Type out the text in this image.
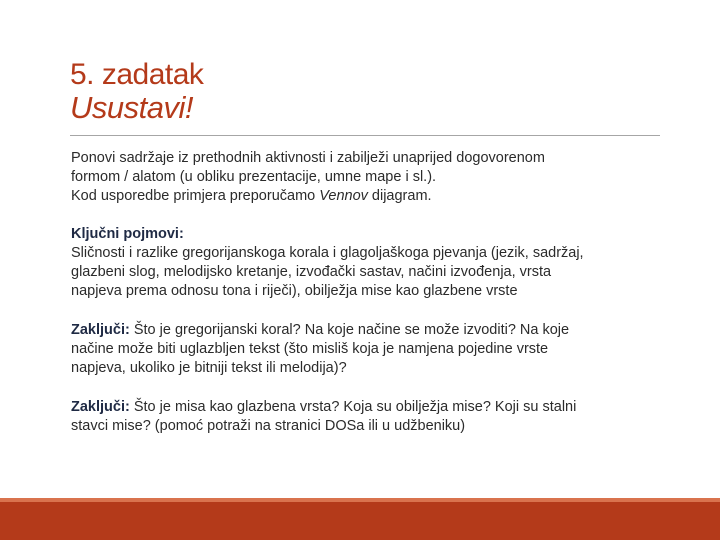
5. zadatak
Usustavi!
Ponovi sadržaje iz prethodnih aktivnosti i zabilježi unaprijed dogovorenom
formom / alatom (u obliku prezentacije, umne mape i sl.).
Kod usporedbe primjera preporučamo Vennov dijagram.
Ključni pojmovi:
Sličnosti i razlike gregorijanskoga korala i glagoljaškoga pjevanja (jezik, sadržaj,
glazbeni slog, melodijsko kretanje, izvođački sastav, načini izvođenja, vrsta
napjeva prema odnosu tona i riječi), obilježja mise kao glazbene vrste
Zaključi: Što je gregorijanski koral? Na koje načine se može izvoditi? Na koje
načine može biti uglazbljen tekst (što misliš koja je namjena pojedine vrste
napjeva, ukoliko je bitniji tekst ili melodija)?
Zaključi: Što je misa kao glazbena vrsta? Koja su obilježja mise? Koji su stalni
stavci mise? (pomoć potraži na stranici DOSa ili u udžbeniku)
